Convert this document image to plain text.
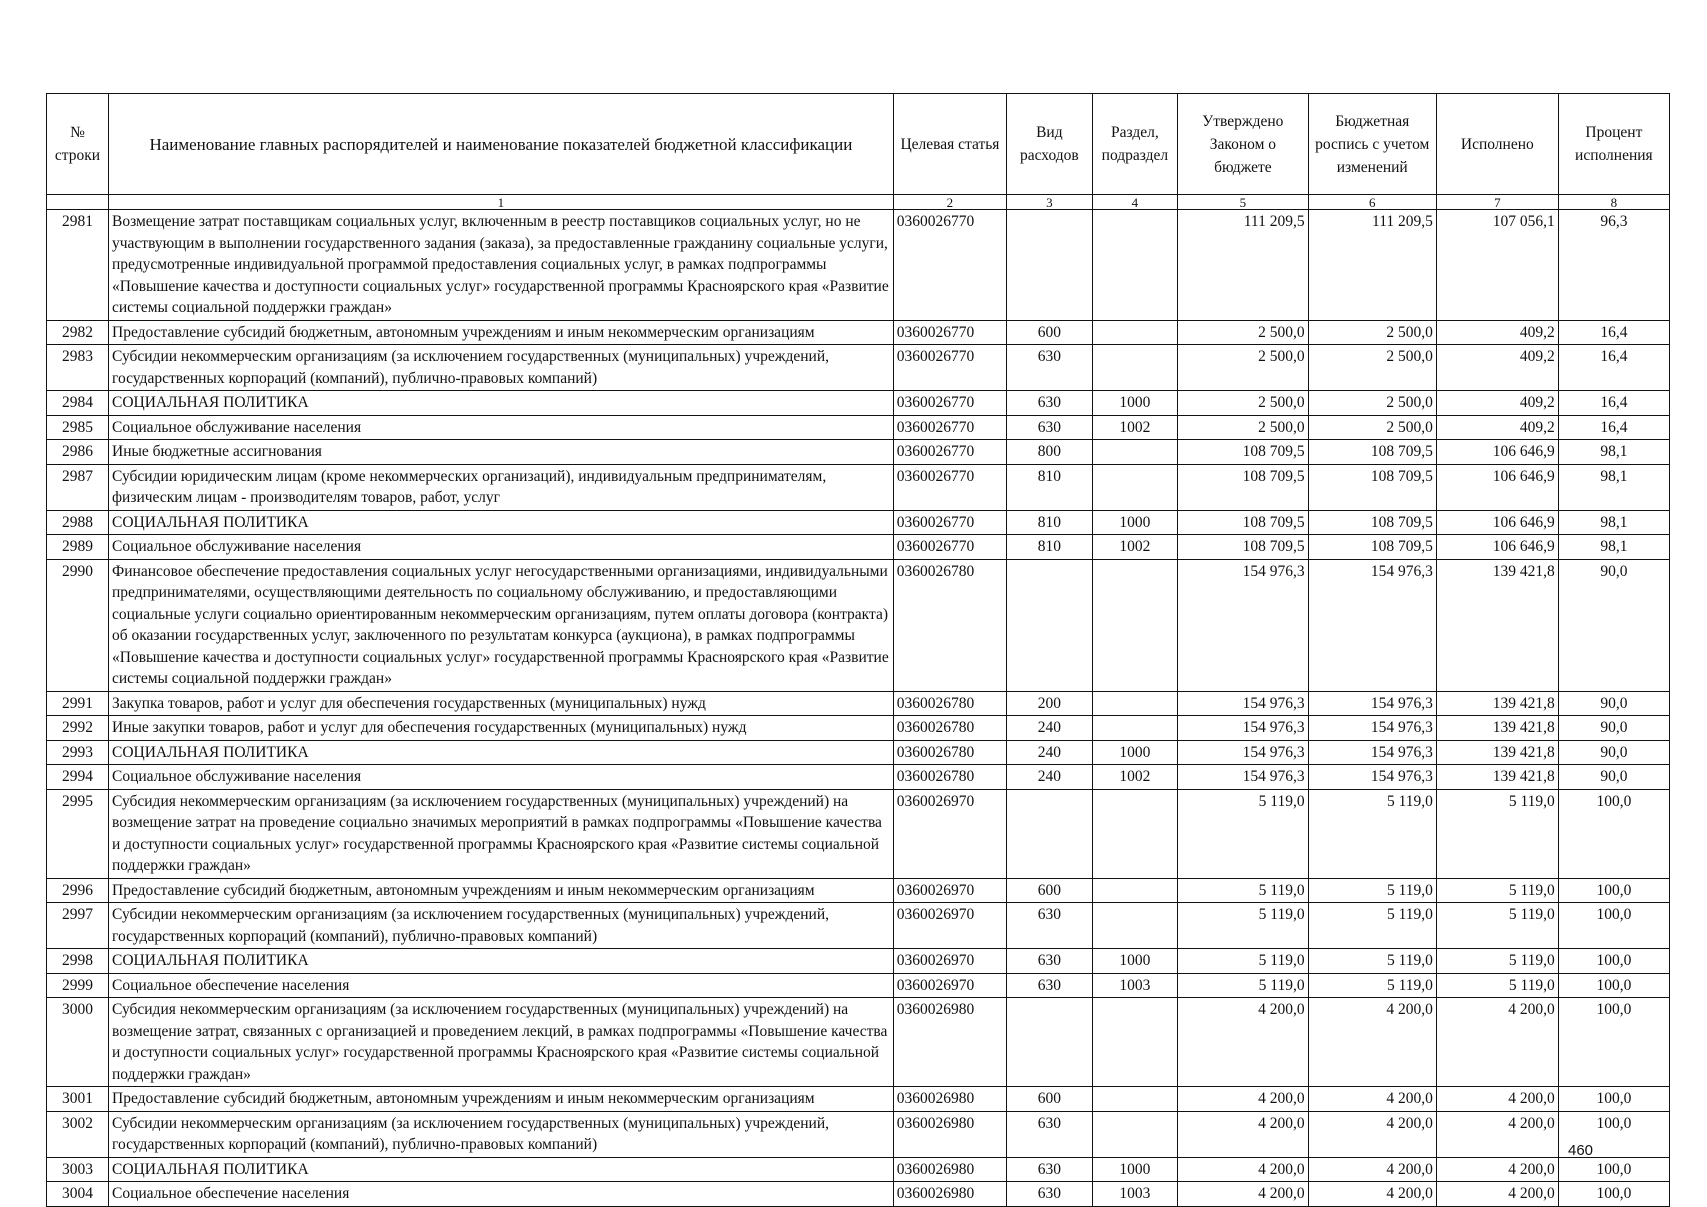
№ строки	Наименование главных распорядителей и наименование показателей бюджетной классификации	Целевая статья	Вид расходов	Раздел, подраздел	Утверждено Законом о бюджете	Бюджетная роспись с учетом изменений	Исполнено	Процент исполнения
	1	2	3	4	5	6	7	8
2981	Возмещение затрат поставщикам социальных услуг, включенным в реестр поставщиков социальных услуг, но не участвующим в выполнении государственного задания (заказа), за предоставленные гражданину социальные услуги, предусмотренные индивидуальной программой предоставления социальных услуг, в рамках подпрограммы «Повышение качества и доступности социальных услуг» государственной программы Красноярского края «Развитие системы социальной поддержки граждан»	0360026770			111 209,5	111 209,5	107 056,1	96,3
2982	Предоставление субсидий бюджетным, автономным учреждениям и иным некоммерческим организациям	0360026770	600		2 500,0	2 500,0	409,2	16,4
2983	Субсидии некоммерческим организациям (за исключением государственных (муниципальных) учреждений, государственных корпораций (компаний), публично-правовых компаний)	0360026770	630		2 500,0	2 500,0	409,2	16,4
2984	СОЦИАЛЬНАЯ ПОЛИТИКА	0360026770	630	1000	2 500,0	2 500,0	409,2	16,4
2985	Социальное обслуживание населения	0360026770	630	1002	2 500,0	2 500,0	409,2	16,4
2986	Иные бюджетные ассигнования	0360026770	800		108 709,5	108 709,5	106 646,9	98,1
2987	Субсидии юридическим лицам (кроме некоммерческих организаций), индивидуальным предпринимателям, физическим лицам - производителям товаров, работ, услуг	0360026770	810		108 709,5	108 709,5	106 646,9	98,1
2988	СОЦИАЛЬНАЯ ПОЛИТИКА	0360026770	810	1000	108 709,5	108 709,5	106 646,9	98,1
2989	Социальное обслуживание населения	0360026770	810	1002	108 709,5	108 709,5	106 646,9	98,1
2990	Финансовое обеспечение предоставления социальных услуг негосударственными организациями, индивидуальными предпринимателями, осуществляющими деятельность по социальному обслуживанию, и предоставляющими социальные услуги социально ориентированным некоммерческим организациям, путем оплаты договора (контракта) об оказании государственных услуг, заключенного по результатам конкурса (аукциона), в рамках подпрограммы «Повышение качества и доступности социальных услуг» государственной программы Красноярского края «Развитие системы социальной поддержки граждан»	0360026780			154 976,3	154 976,3	139 421,8	90,0
2991	Закупка товаров, работ и услуг для обеспечения государственных (муниципальных) нужд	0360026780	200		154 976,3	154 976,3	139 421,8	90,0
2992	Иные закупки товаров, работ и услуг для обеспечения государственных (муниципальных) нужд	0360026780	240		154 976,3	154 976,3	139 421,8	90,0
2993	СОЦИАЛЬНАЯ ПОЛИТИКА	0360026780	240	1000	154 976,3	154 976,3	139 421,8	90,0
2994	Социальное обслуживание населения	0360026780	240	1002	154 976,3	154 976,3	139 421,8	90,0
2995	Субсидия некоммерческим организациям (за исключением государственных (муниципальных) учреждений) на возмещение затрат на проведение социально значимых мероприятий в рамках подпрограммы «Повышение качества и доступности социальных услуг» государственной программы Красноярского края «Развитие системы социальной поддержки граждан»	0360026970			5 119,0	5 119,0	5 119,0	100,0
2996	Предоставление субсидий бюджетным, автономным учреждениям и иным некоммерческим организациям	0360026970	600		5 119,0	5 119,0	5 119,0	100,0
2997	Субсидии некоммерческим организациям (за исключением государственных (муниципальных) учреждений, государственных корпораций (компаний), публично-правовых компаний)	0360026970	630		5 119,0	5 119,0	5 119,0	100,0
2998	СОЦИАЛЬНАЯ ПОЛИТИКА	0360026970	630	1000	5 119,0	5 119,0	5 119,0	100,0
2999	Социальное обеспечение населения	0360026970	630	1003	5 119,0	5 119,0	5 119,0	100,0
3000	Субсидия некоммерческим организациям (за исключением государственных (муниципальных) учреждений) на возмещение затрат, связанных с организацией и проведением лекций, в рамках подпрограммы «Повышение качества и доступности социальных услуг» государственной программы Красноярского края «Развитие системы социальной поддержки граждан»	0360026980			4 200,0	4 200,0	4 200,0	100,0
3001	Предоставление субсидий бюджетным, автономным учреждениям и иным некоммерческим организациям	0360026980	600		4 200,0	4 200,0	4 200,0	100,0
3002	Субсидии некоммерческим организациям (за исключением государственных (муниципальных) учреждений, государственных корпораций (компаний), публично-правовых компаний)	0360026980	630		4 200,0	4 200,0	4 200,0	100,0
3003	СОЦИАЛЬНАЯ ПОЛИТИКА	0360026980	630	1000	4 200,0	4 200,0	4 200,0	100,0
3004	Социальное обеспечение населения	0360026980	630	1003	4 200,0	4 200,0	4 200,0	100,0
460
